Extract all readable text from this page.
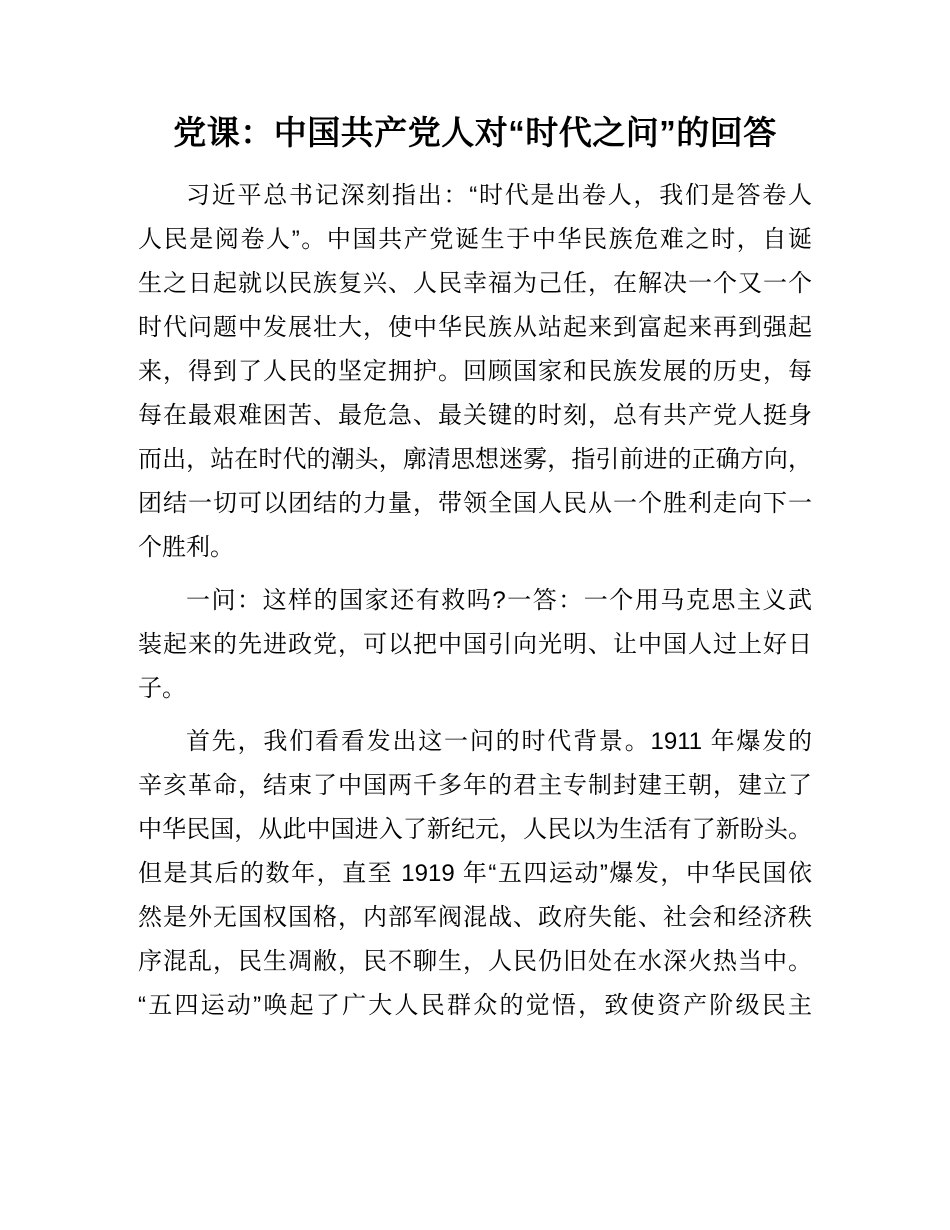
党课：中国共产党人对“时代之问”的回答
习近平总书记深刻指出：“时代是出卷人，我们是答卷人
人民是阅卷人”。中国共产党诞生于中华民族危难之时，自诞
生之日起就以民族复兴、人民幸福为己任，在解决一个又一个
时代问题中发展壮大，使中华民族从站起来到富起来再到强起
来，得到了人民的坚定拥护。回顾国家和民族发展的历史，每
每在最艰难困苦、最危急、最关键的时刻，总有共产党人挺身
而出，站在时代的潮头，廓清思想迷雾，指引前进的正确方向，
团结一切可以团结的力量，带领全国人民从一个胜利走向下一
个胜利。
一问：这样的国家还有救吗?一答：一个用马克思主义武
装起来的先进政党，可以把中国引向光明、让中国人过上好日
子。
首先，我们看看发出这一问的时代背景。1911 年爆发的
辛亥革命，结束了中国两千多年的君主专制封建王朝，建立了
中华民国，从此中国进入了新纪元，人民以为生活有了新盼头。
但是其后的数年，直至 1919 年“五四运动”爆发，中华民国依
然是外无国权国格，内部军阀混战、政府失能、社会和经济秩
序混乱，民生凋敝，民不聊生，人民仍旧处在水深火热当中。
“五四运动”唤起了广大人民群众的觉悟，致使资产阶级民主
